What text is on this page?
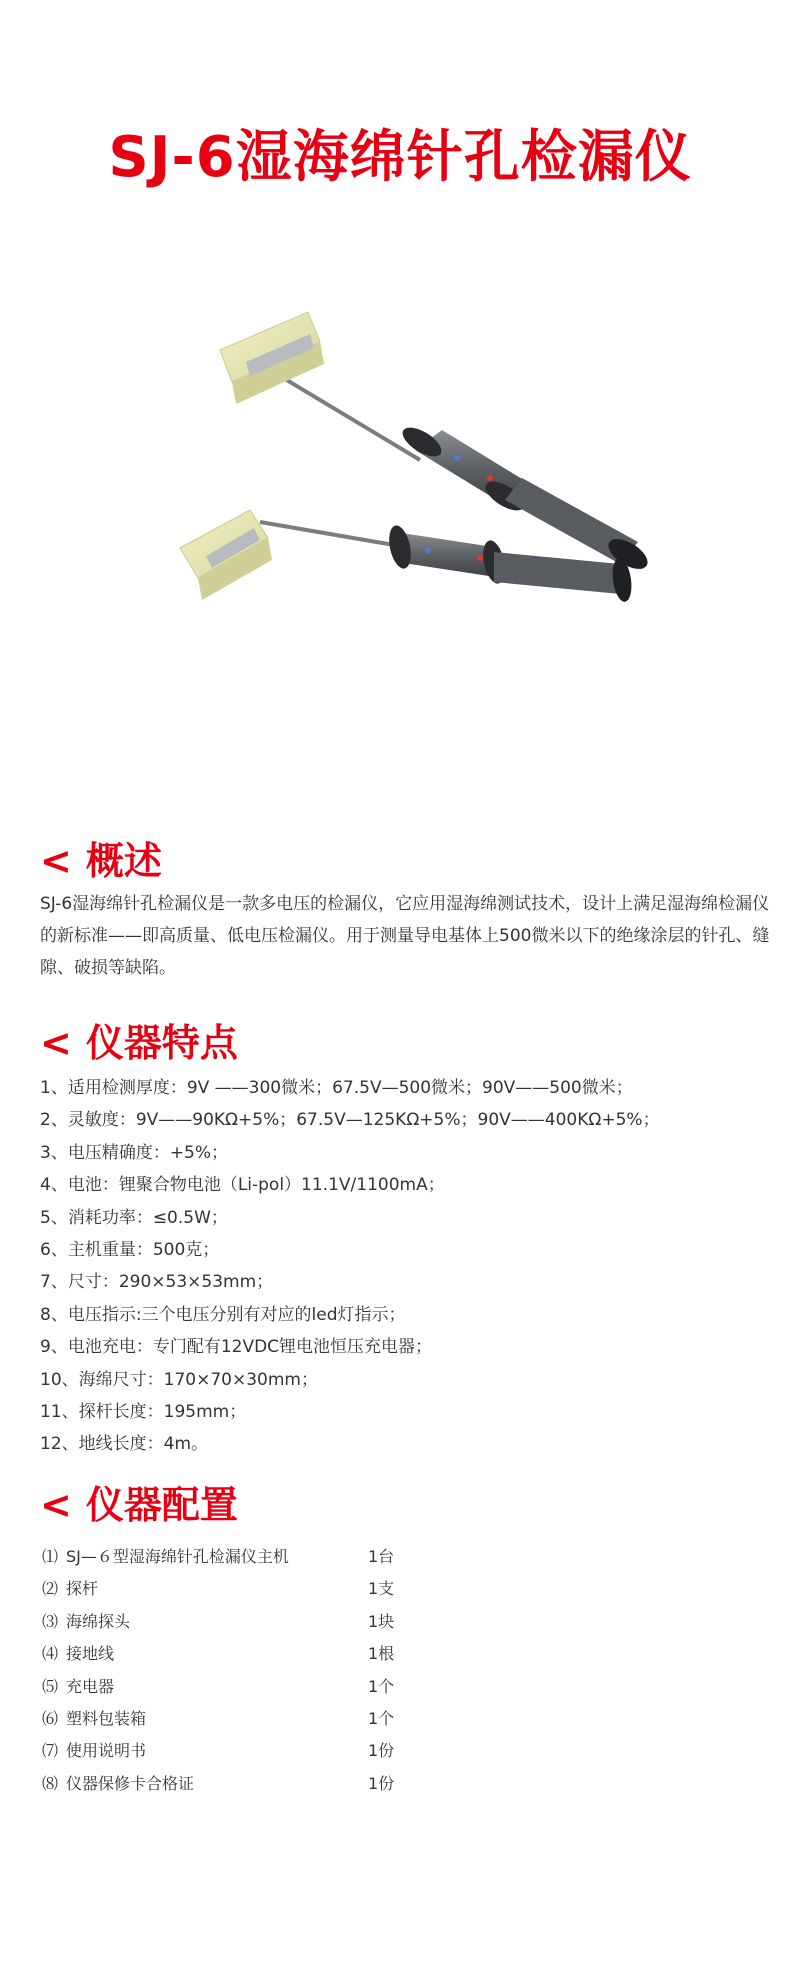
SJ-6湿海绵针孔检漏仪
< 概述
SJ-6湿海绵针孔检漏仪是一款多电压的检漏仪，它应用湿海绵测试技术，设计上满足湿海绵检漏仪的新标准——即高质量、低电压检漏仪。用于测量导电基体上500微米以下的绝缘涂层的针孔、缝隙、破损等缺陷。
< 仪器特点
1、适用检测厚度：9V ——300微米；67.5V—500微米；90V——500微米；
2、灵敏度：9V——90KΩ+5%；67.5V—125KΩ+5%；90V——400KΩ+5%；
3、电压精确度：+5%；
4、电池：锂聚合物电池（Li-pol）11.1V/1100mA；
5、消耗功率：≤0.5W；
6、主机重量：500克；
7、尺寸：290×53×53mm；
8、电压指示:三个电压分别有对应的led灯指示；
9、电池充电：专门配有12VDC锂电池恒压充电器；
10、海绵尺寸：170×70×30mm；
11、探杆长度：195mm；
12、地线长度：4m。
< 仪器配置
⑴ SJ—６型湿海绵针孔检漏仪主机	1台
⑵ 探杆	1支
⑶ 海绵探头	1块
⑷ 接地线	1根
⑸ 充电器	1个
⑹ 塑料包装箱	1个
⑺ 使用说明书	1份
⑻ 仪器保修卡合格证	1份
